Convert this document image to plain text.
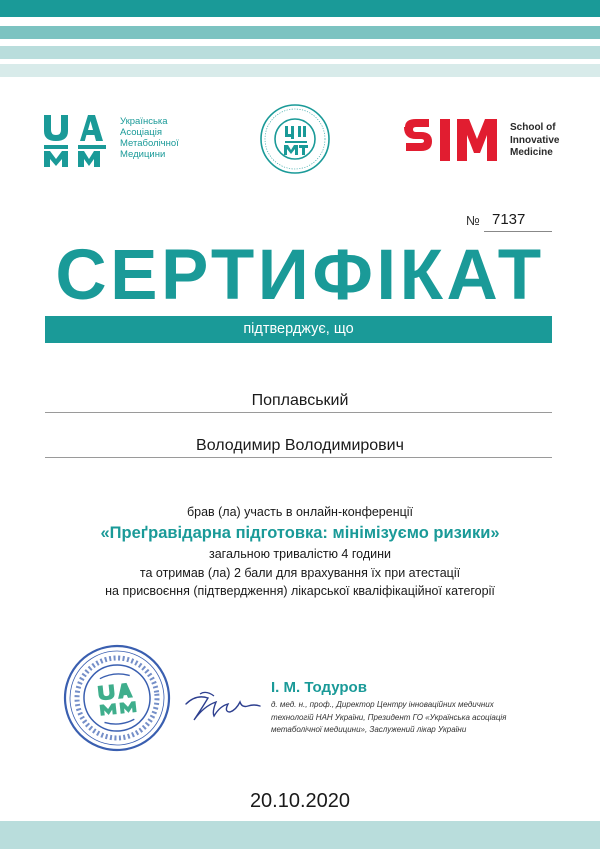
Українська
Асоціація
Метаболічної
Медицини
School of
Innovative
Medicine
№ 7137
СЕРТИФІКАТ
підтверджує, що
Поплавський
Володимир Володимирович
брав (ла) участь в онлайн-конференції
«Преґравідарна підготовка: мінімізуємо ризики»
загальною тривалістю 4 години
та отримав (ла) 2 бали для врахування їх при атестації
на присвоєння (підтвердження) лікарської кваліфікаційної категорії
І. М. Тодуров
д. мед. н., проф., Директор Центру інноваційних медичних
технологій НАН України, Президент ГО «Українська асоціація
метаболічної медицини», Заслужений лікар України
20.10.2020
